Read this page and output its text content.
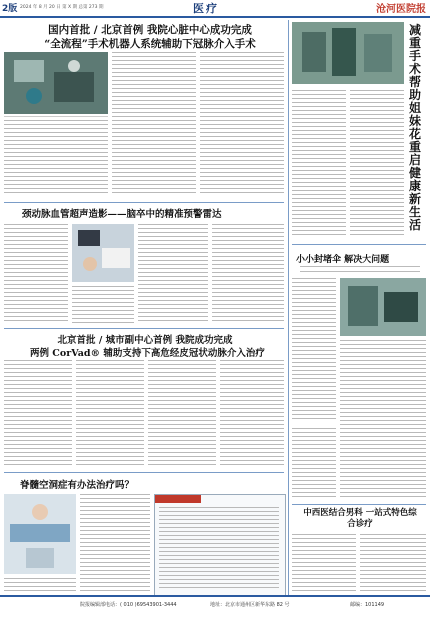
2版 2024 年 8 月 20 日 第 X 期 总第 273 期	医疗	沧河医院报
国内首批 / 北京首例 我院心脏中心成功完成
“全流程”手术机器人系统辅助下冠脉介入手术
颈动脉血管超声造影——脑卒中的精准预警雷达
北京首批 / 城市副中心首例 我院成功完成
两例 CorVad® 辅助支持下高危经皮冠状动脉介入治疗
脊髓空洞症有办法治疗吗？
减重手术帮助姐妹花重启健康新生活
小小封堵伞 解决大问题
中西医结合男科 一站式特色综合诊疗
院报编辑部电话：( 010 )69543901-3444	地址：北京市通州区新华东路 82 号	邮编：101149
